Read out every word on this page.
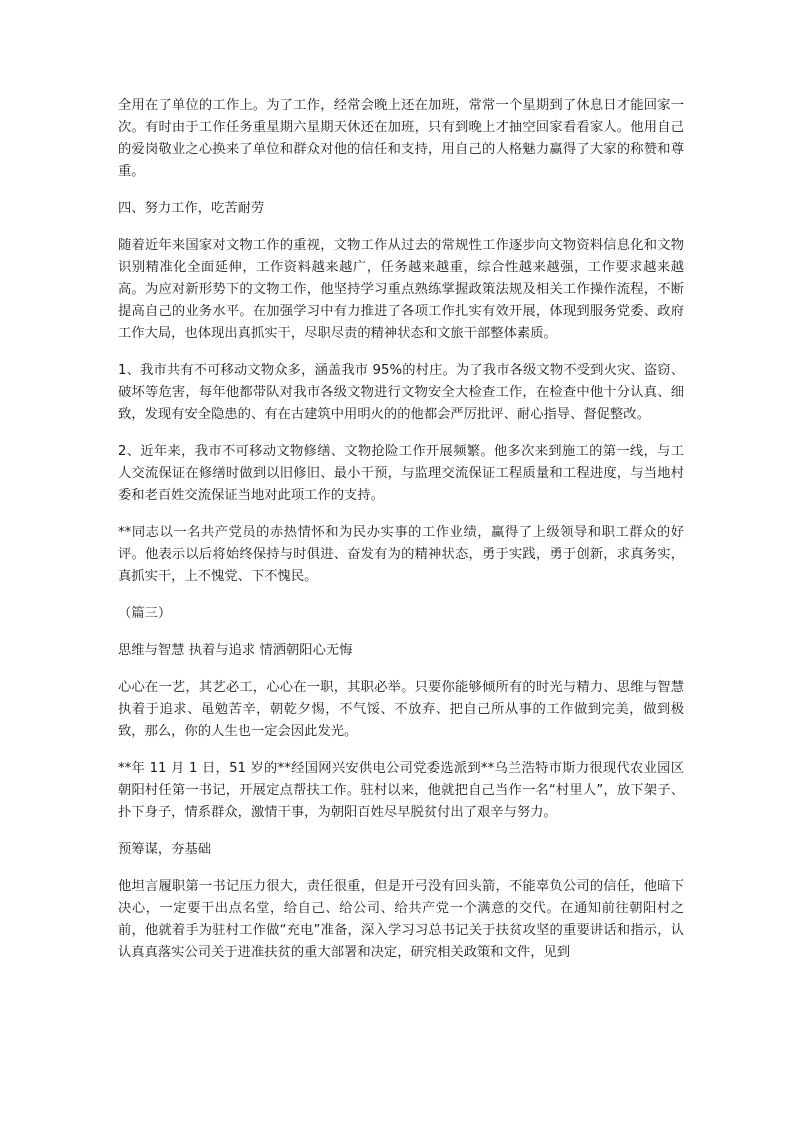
全用在了单位的工作上。为了工作，经常会晚上还在加班，常常一个星期到了休息日才能回家一次。有时由于工作任务重星期六星期天休还在加班，只有到晚上才抽空回家看看家人。他用自己的爱岗敬业之心换来了单位和群众对他的信任和支持，用自己的人格魅力赢得了大家的称赞和尊重。

四、努力工作，吃苦耐劳

随着近年来国家对文物工作的重视，文物工作从过去的常规性工作逐步向文物资料信息化和文物识别精准化全面延伸，工作资料越来越广，任务越来越重，综合性越来越强，工作要求越来越高。为应对新形势下的文物工作，他坚持学习重点熟练掌握政策法规及相关工作操作流程，不断提高自己的业务水平。在加强学习中有力推进了各项工作扎实有效开展，体现到服务党委、政府工作大局，也体现出真抓实干，尽职尽责的精神状态和文旅干部整体素质。

1、我市共有不可移动文物众多，涵盖我市 95%的村庄。为了我市各级文物不受到火灾、盗窃、破坏等危害，每年他都带队对我市各级文物进行文物安全大检查工作，在检查中他十分认真、细致，发现有安全隐患的、有在古建筑中用明火的的他都会严厉批评、耐心指导、督促整改。

2、近年来，我市不可移动文物修缮、文物抢险工作开展频繁。他多次来到施工的第一线，与工人交流保证在修缮时做到以旧修旧、最小干预，与监理交流保证工程质量和工程进度，与当地村委和老百姓交流保证当地对此项工作的支持。

**同志以一名共产党员的赤热情怀和为民办实事的工作业绩，赢得了上级领导和职工群众的好评。他表示以后将始终保持与时俱进、奋发有为的精神状态，勇于实践，勇于创新，求真务实，真抓实干，上不愧党、下不愧民。

（篇三）

思维与智慧 执着与追求 情洒朝阳心无悔

心心在一艺，其艺必工，心心在一职，其职必举。只要你能够倾所有的时光与精力、思维与智慧执着于追求、黾勉苦辛，朝乾夕惕，不气馁、不放弃、把自己所从事的工作做到完美，做到极致，那么，你的人生也一定会因此发光。

**年 11 月 1 日，51 岁的**经国网兴安供电公司党委选派到**乌兰浩特市斯力很现代农业园区朝阳村任第一书记，开展定点帮扶工作。驻村以来，他就把自己当作一名“村里人”，放下架子、扑下身子，情系群众，激情干事，为朝阳百姓尽早脱贫付出了艰辛与努力。

预筹谋，夯基础

他坦言履职第一书记压力很大，责任很重，但是开弓没有回头箭，不能辜负公司的信任，他暗下决心，一定要干出点名堂，给自己、给公司、给共产党一个满意的交代。在通知前往朝阳村之前，他就着手为驻村工作做“充电”准备，深入学习习总书记关于扶贫攻坚的重要讲话和指示，认认真真落实公司关于进准扶贫的重大部署和决定，研究相关政策和文件，见到
